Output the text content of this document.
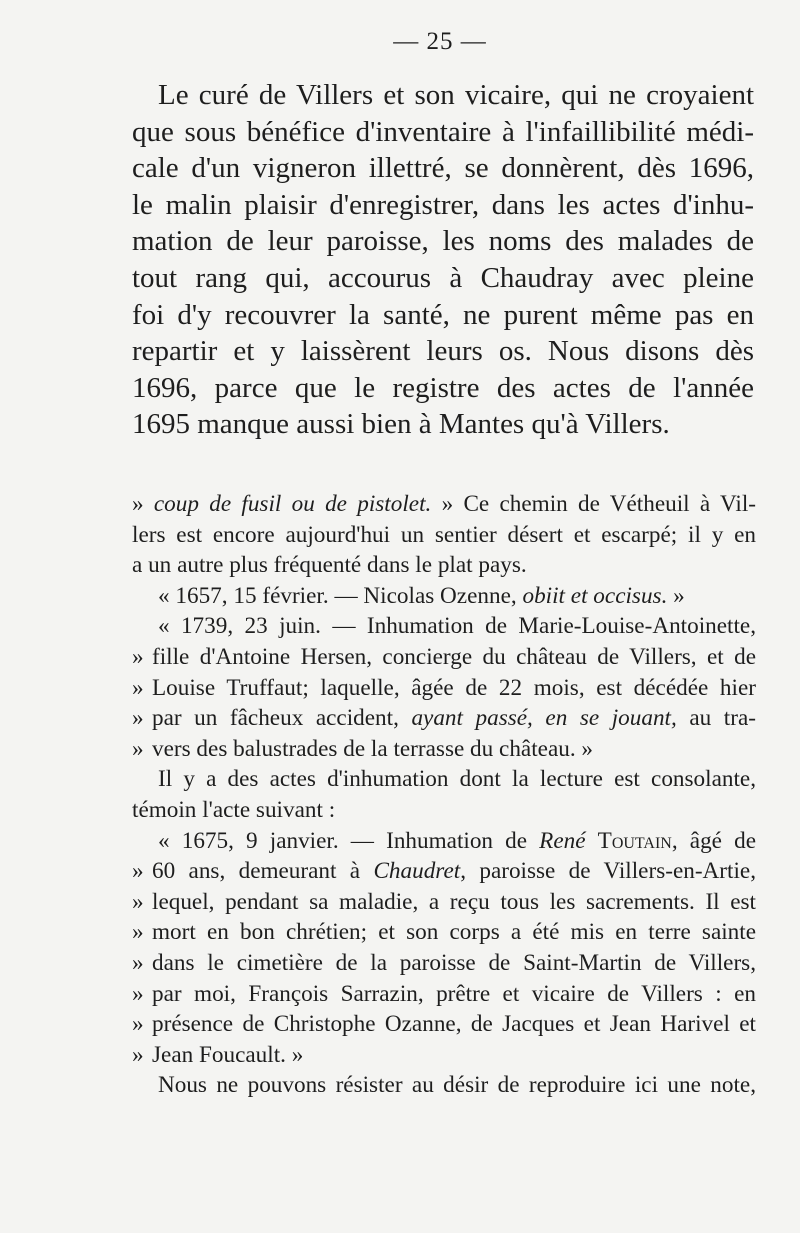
— 25 —
Le curé de Villers et son vicaire, qui ne croyaient
que sous bénéfice d'inventaire à l'infaillibilité médi-
cale d'un vigneron illettré, se donnèrent, dès 1696,
le malin plaisir d'enregistrer, dans les actes d'inhu-
mation de leur paroisse, les noms des malades de
tout rang qui, accourus à Chaudray avec pleine
foi d'y recouvrer la santé, ne purent même pas en
repartir et y laissèrent leurs os. Nous disons dès
1696, parce que le registre des actes de l'année
1695 manque aussi bien à Mantes qu'à Villers.
» coup de fusil ou de pistolet. » Ce chemin de Vétheuil à Vil-
lers est encore aujourd'hui un sentier désert et escarpé; il y en
a un autre plus fréquenté dans le plat pays.
« 1657, 15 février. — Nicolas Ozenne, obiit et occisus. »
« 1739, 23 juin. — Inhumation de Marie-Louise-Antoinette,
» fille d'Antoine Hersen, concierge du château de Villers, et de
» Louise Truffaut; laquelle, âgée de 22 mois, est décédée hier
» par un fâcheux accident, ayant passé, en se jouant, au tra-
» vers des balustrades de la terrasse du château. »
Il y a des actes d'inhumation dont la lecture est consolante,
témoin l'acte suivant :
« 1675, 9 janvier. — Inhumation de René Toutain, âgé de
» 60 ans, demeurant à Chaudret, paroisse de Villers-en-Artie,
» lequel, pendant sa maladie, a reçu tous les sacrements. Il est
» mort en bon chrétien; et son corps a été mis en terre sainte
» dans le cimetière de la paroisse de Saint-Martin de Villers,
» par moi, François Sarrazin, prêtre et vicaire de Villers : en
» présence de Christophe Ozanne, de Jacques et Jean Harivel et
» Jean Foucault. »
Nous ne pouvons résister au désir de reproduire ici une note,
